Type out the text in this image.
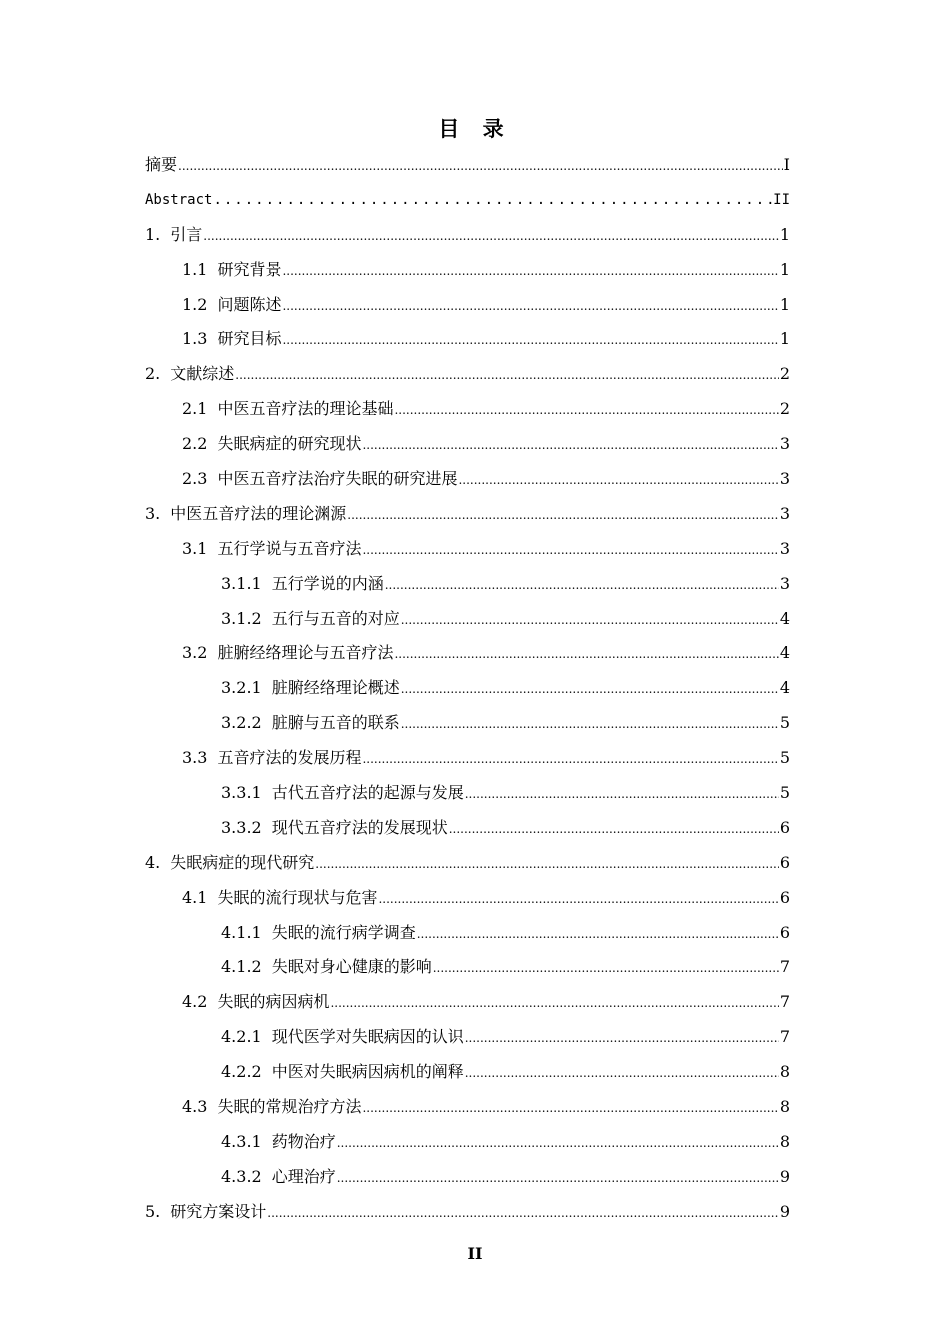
目 录
摘要 .....	I
Abstract .....	II
1. 引言 .....	1
1.1 研究背景 .....	1
1.2 问题陈述 .....	1
1.3 研究目标 .....	1
2. 文献综述 .....	2
2.1 中医五音疗法的理论基础 .....	2
2.2 失眠病症的研究现状 .....	3
2.3 中医五音疗法治疗失眠的研究进展 .....	3
3. 中医五音疗法的理论渊源 .....	3
3.1 五行学说与五音疗法 .....	3
3.1.1 五行学说的内涵 .....	3
3.1.2 五行与五音的对应 .....	4
3.2 脏腑经络理论与五音疗法 .....	4
3.2.1 脏腑经络理论概述 .....	4
3.2.2 脏腑与五音的联系 .....	5
3.3 五音疗法的发展历程 .....	5
3.3.1 古代五音疗法的起源与发展 .....	5
3.3.2 现代五音疗法的发展现状 .....	6
4. 失眠病症的现代研究 .....	6
4.1 失眠的流行现状与危害 .....	6
4.1.1 失眠的流行病学调查 .....	6
4.1.2 失眠对身心健康的影响 .....	7
4.2 失眠的病因病机 .....	7
4.2.1 现代医学对失眠病因的认识 .....	7
4.2.2 中医对失眠病因病机的阐释 .....	8
4.3 失眠的常规治疗方法 .....	8
4.3.1 药物治疗 .....	8
4.3.2 心理治疗 .....	9
5. 研究方案设计 .....	9
II
